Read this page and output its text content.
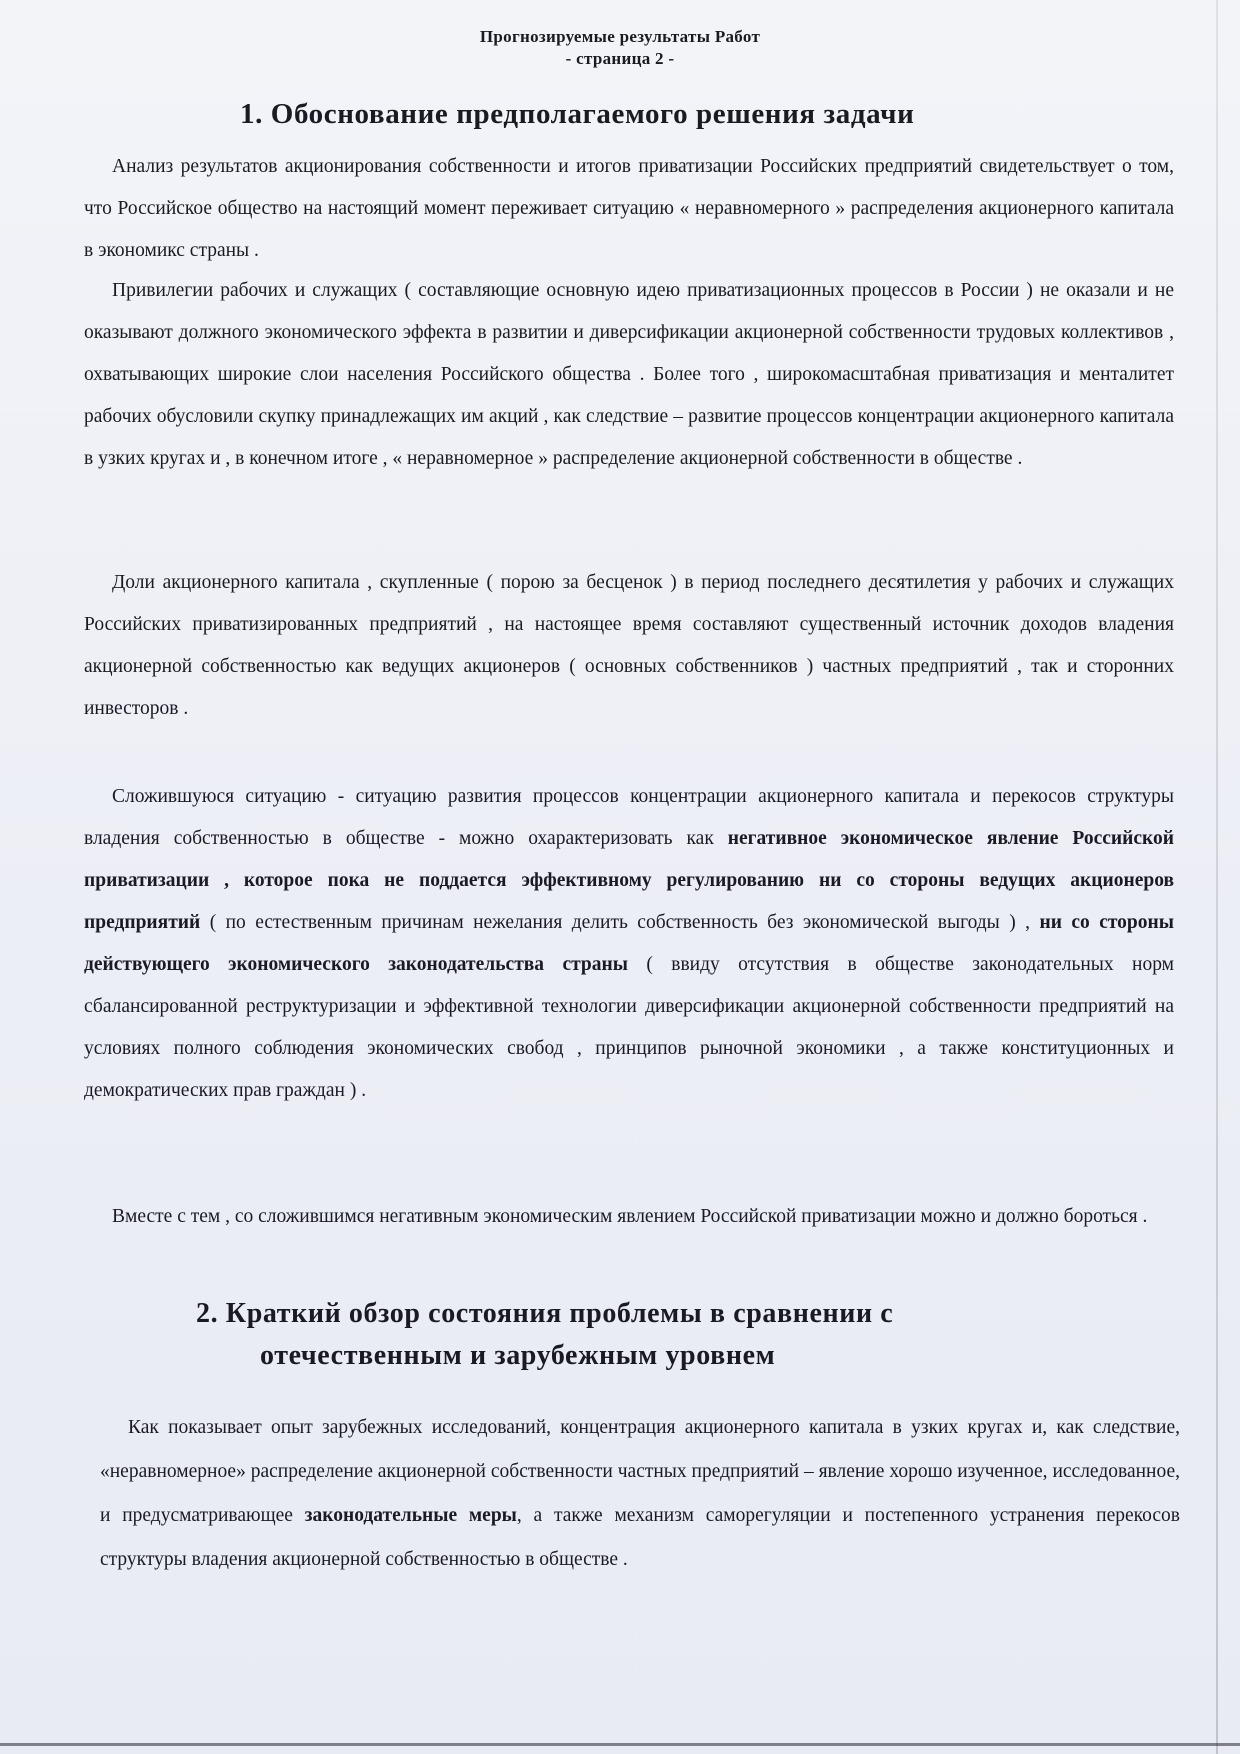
Прогнозируемые результаты Работ
- страница 2 -
1. Обоснование предполагаемого решения задачи

Анализ результатов акционирования собственности и итогов приватизации Российских предприятий свидетельствует о том, что Российское общество на настоящий момент переживает ситуацию « неравномерного » распределения акционерного капитала в экономикс страны .

Привилегии рабочих и служащих ( составляющие основную идею приватизационных процессов в России ) не оказали и не оказывают должного экономического эффекта в развитии и диверсификации акционерной собственности трудовых коллективов , охватывающих широкие слои населения Российского общества . Более того , широкомасштабная приватизация и менталитет рабочих обусловили скупку принадлежащих им акций , как следствие – развитие процессов концентрации акционерного капитала в узких кругах и , в конечном итоге , « неравномерное » распределение акционерной собственности в обществе .

Доли акционерного капитала , скупленные ( порою за бесценок ) в период последнего десятилетия у рабочих и служащих Российских приватизированных предприятий , на настоящее время составляют существенный источник доходов владения акционерной собственностью как ведущих акционеров ( основных собственников ) частных предприятий , так и сторонних инвесторов .

Сложившуюся ситуацию - ситуацию развития процессов концентрации акционерного капитала и перекосов структуры владения собственностью в обществе - можно охарактеризовать как негативное экономическое явление Российской приватизации , которое пока не поддается эффективному регулированию ни со стороны ведущих акционеров предприятий ( по естественным причинам нежелания делить собственность без экономической выгоды ) , ни со стороны действующего экономического законодательства страны ( ввиду отсутствия в обществе законодательных норм сбалансированной реструктуризации и эффективной технологии диверсификации акционерной собственности предприятий на условиях полного соблюдения экономических свобод , принципов рыночной экономики , а также конституционных и демократических прав граждан ) .

Вместе с тем , со сложившимся негативным экономическим явлением Российской приватизации можно и должно бороться .

2. Краткий обзор состояния проблемы в сравнении с
отечественным и зарубежным уровнем

Как показывает опыт зарубежных исследований, концентрация акционерного капитала в узких кругах и, как следствие, «неравномерное» распределение акционерной собственности частных предприятий – явление хорошо изученное, исследованное, и предусматривающее законодательные меры, а также механизм саморегуляции и постепенного устранения перекосов структуры владения акционерной собственностью в обществе .
